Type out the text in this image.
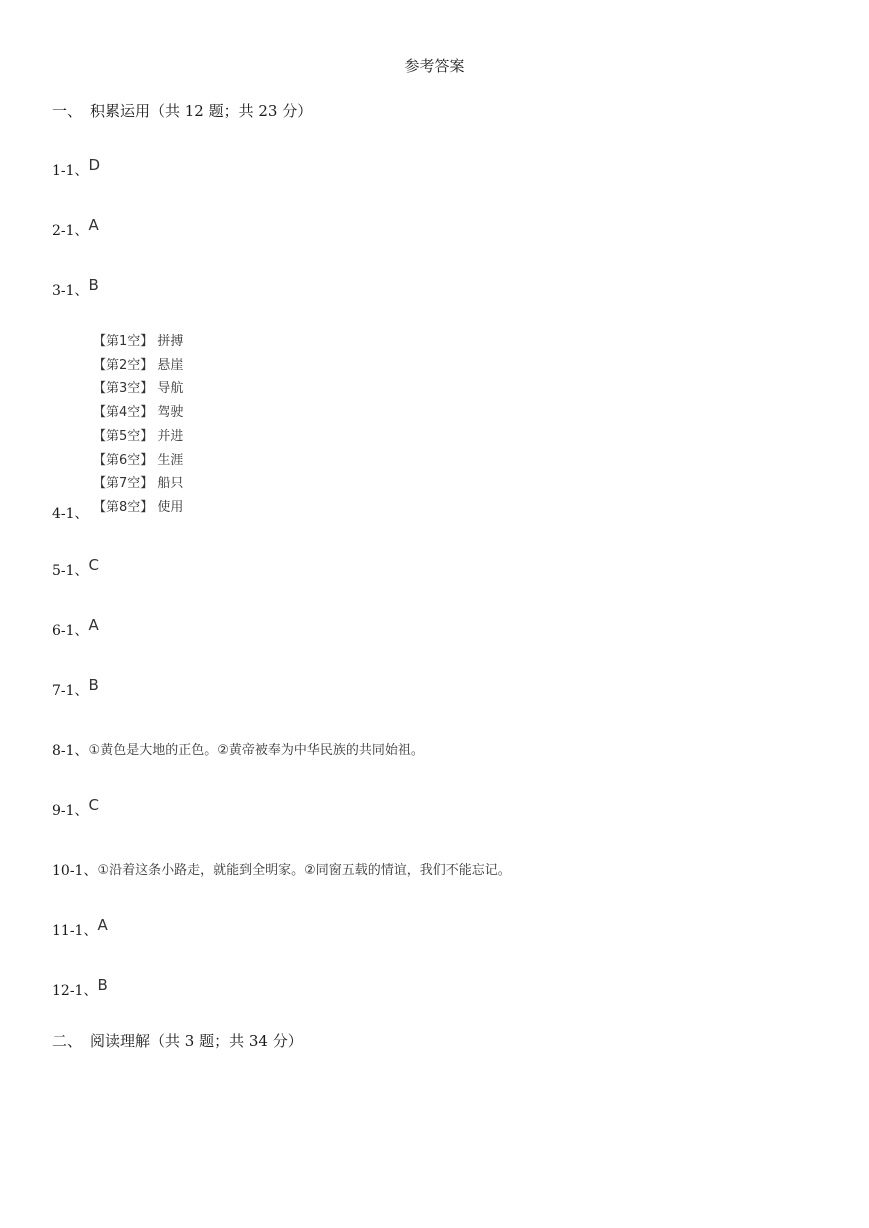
参考答案
一、 积累运用（共 12 题；共 23 分）
1-1、D
2-1、A
3-1、B
【第1空】 拼搏
【第2空】 悬崖
【第3空】 导航
【第4空】 驾驶
【第5空】 并进
【第6空】 生涯
【第7空】 船只
【第8空】 使用
4-1、
5-1、C
6-1、A
7-1、B
8-1、①黄色是大地的正色。②黄帝被奉为中华民族的共同始祖。
9-1、C
10-1、①沿着这条小路走，就能到全明家。②同窗五载的情谊，我们不能忘记。
11-1、A
12-1、B
二、 阅读理解（共 3 题；共 34 分）
